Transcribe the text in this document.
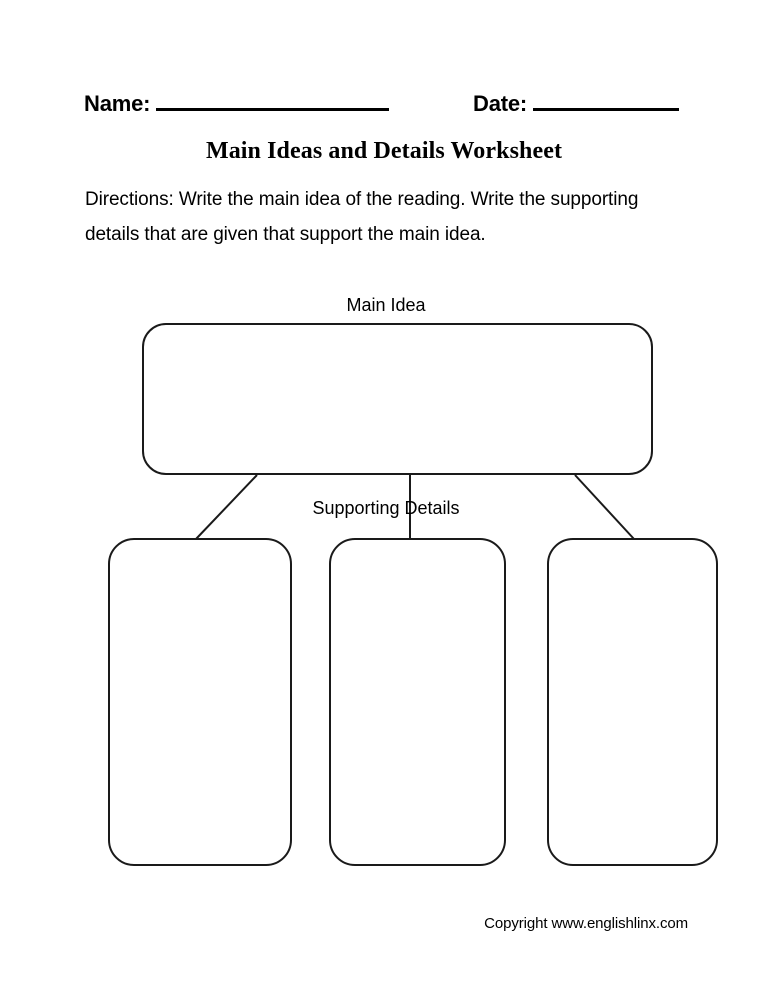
Name:	Date:
Main Ideas and Details Worksheet
Directions: Write the main idea of the reading. Write the supporting details that are given that support the main idea.
Main Idea
Supporting Details
Copyright www.englishlinx.com
